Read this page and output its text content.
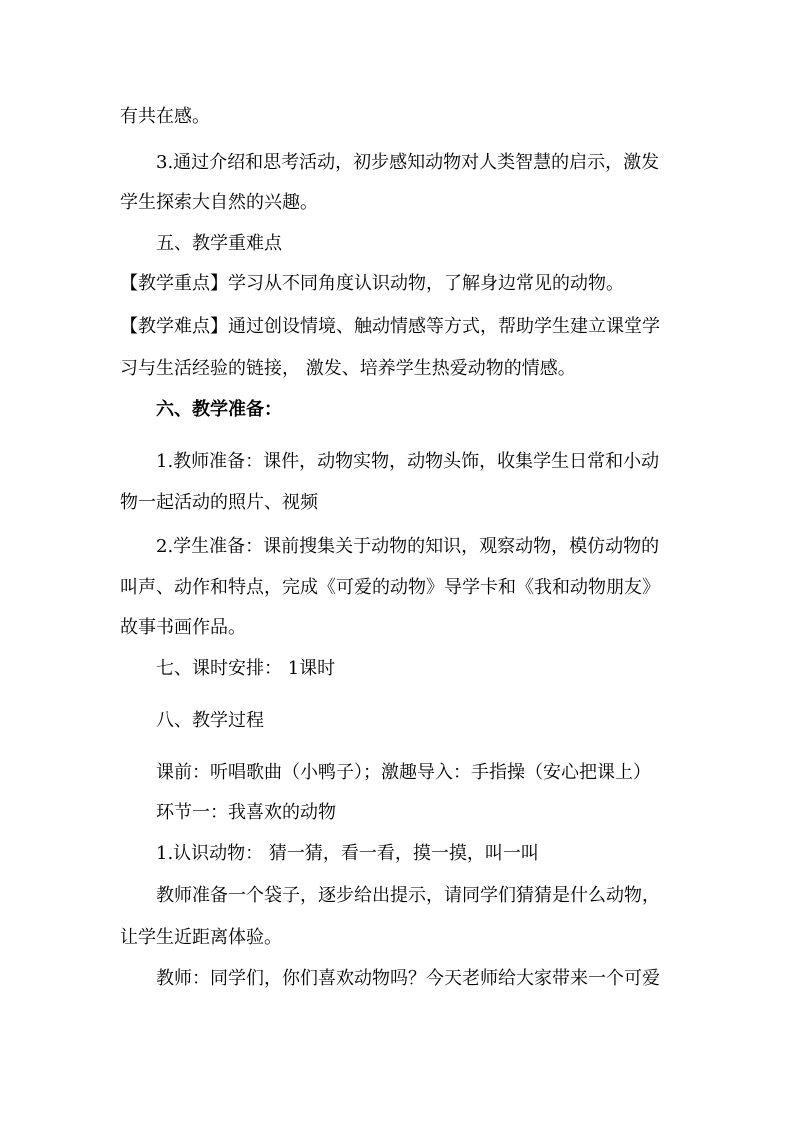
有共在感。
3.通过介绍和思考活动，初步感知动物对人类智慧的启示，激发
学生探索大自然的兴趣。
五、教学重难点
【教学重点】学习从不同角度认识动物，了解身边常见的动物。
【教学难点】通过创设情境、触动情感等方式，帮助学生建立课堂学
习与生活经验的链接， 激发、培养学生热爱动物的情感。
六、教学准备：
1.教师准备：课件，动物实物，动物头饰，收集学生日常和小动
物一起活动的照片、视频
2.学生准备：课前搜集关于动物的知识，观察动物，模仿动物的
叫声、动作和特点，完成《可爱的动物》导学卡和《我和动物朋友》
故事书画作品。
七、课时安排： 1课时
八、教学过程
课前：听唱歌曲（小鸭子）；激趣导入：手指操（安心把课上）
环节一：我喜欢的动物
1.认识动物： 猜一猜，看一看，摸一摸，叫一叫
教师准备一个袋子，逐步给出提示，请同学们猜猜是什么动物，
让学生近距离体验。
教师：同学们，你们喜欢动物吗？今天老师给大家带来一个可爱
